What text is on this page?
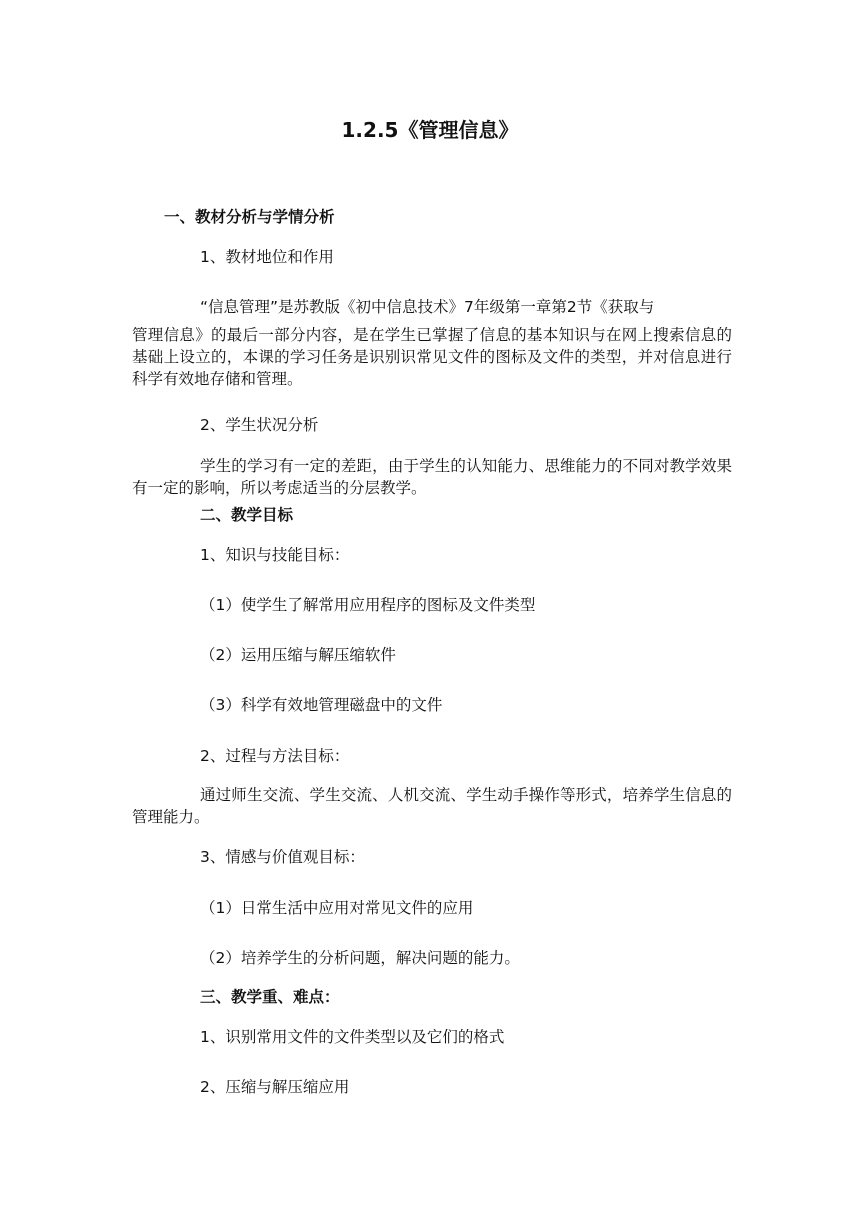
1.2.5《管理信息》
一、教材分析与学情分析
1、教材地位和作用
“信息管理”是苏教版《初中信息技术》7年级第一章第2节《获取与
管理信息》的最后一部分内容，是在学生已掌握了信息的基本知识与在网上搜索信息的基础上设立的，本课的学习任务是识别识常见文件的图标及文件的类型，并对信息进行科学有效地存储和管理。
2、学生状况分析
学生的学习有一定的差距，由于学生的认知能力、思维能力的不同对教学效果有一定的影响，所以考虑适当的分层教学。
二、教学目标
1、知识与技能目标：
（1）使学生了解常用应用程序的图标及文件类型
（2）运用压缩与解压缩软件
（3）科学有效地管理磁盘中的文件
2、过程与方法目标：
通过师生交流、学生交流、人机交流、学生动手操作等形式，培养学生信息的管理能力。
3、情感与价值观目标：
（1）日常生活中应用对常见文件的应用
（2）培养学生的分析问题，解决问题的能力。
三、教学重、难点：
1、识别常用文件的文件类型以及它们的格式
2、压缩与解压缩应用
